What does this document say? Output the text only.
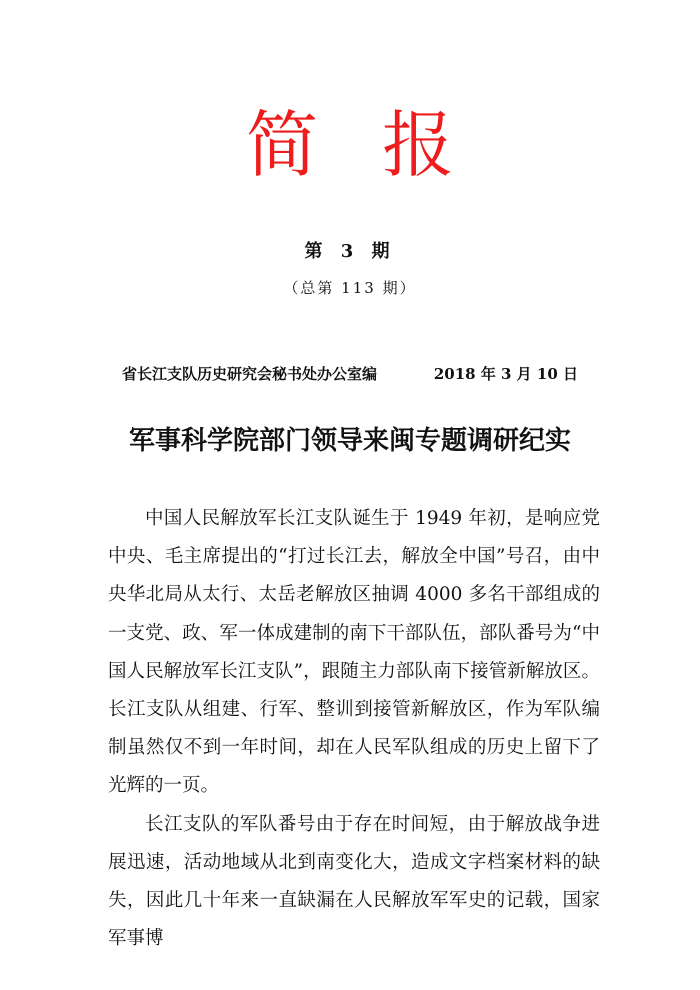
简 报
第 3 期
（总第 113 期）
省长江支队历史研究会秘书处办公室编	2018 年 3 月 10 日
军事科学院部门领导来闽专题调研纪实

中国人民解放军长江支队诞生于 1949 年初，是响应党中央、毛主席提出的“打过长江去，解放全中国”号召，由中央华北局从太行、太岳老解放区抽调 4000 多名干部组成的一支党、政、军一体成建制的南下干部队伍，部队番号为“中国人民解放军长江支队”，跟随主力部队南下接管新解放区。长江支队从组建、行军、整训到接管新解放区，作为军队编制虽然仅不到一年时间，却在人民军队组成的历史上留下了光辉的一页。

长江支队的军队番号由于存在时间短，由于解放战争进展迅速，活动地域从北到南变化大，造成文字档案材料的缺失，因此几十年来一直缺漏在人民解放军军史的记载，国家军事博
